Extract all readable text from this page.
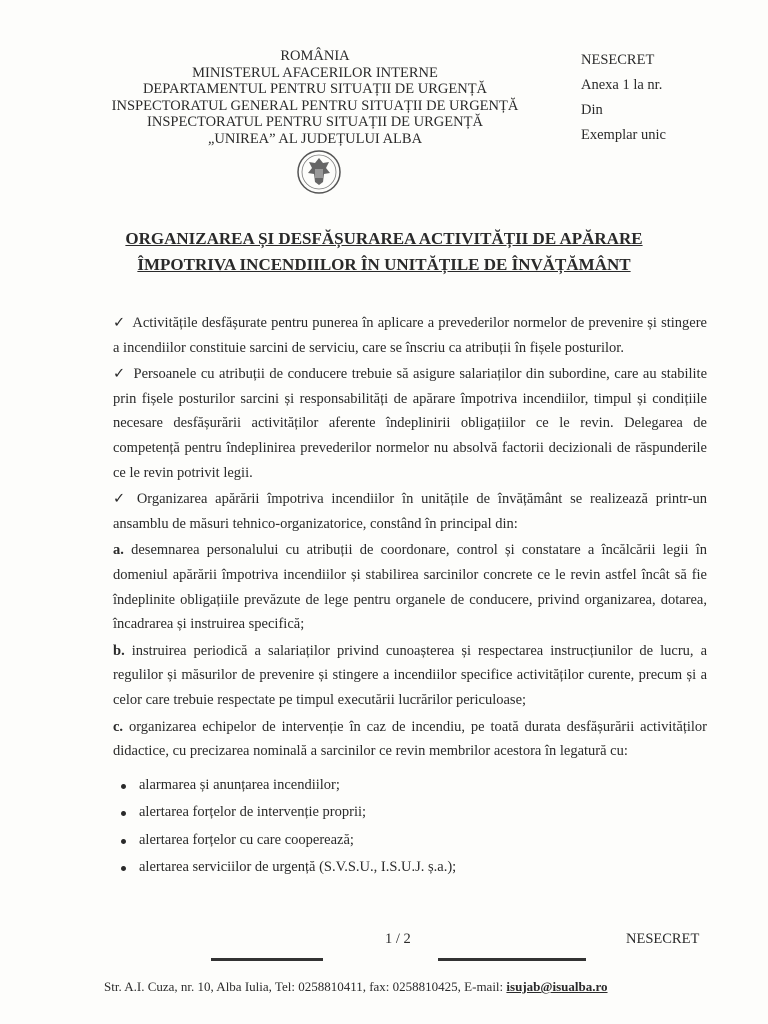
ROMÂNIA
MINISTERUL AFACERILOR INTERNE
DEPARTAMENTUL PENTRU SITUAȚII DE URGENȚĂ
INSPECTORATUL GENERAL PENTRU SITUAȚII DE URGENȚĂ
INSPECTORATUL PENTRU SITUAȚII DE URGENȚĂ
„UNIREA” AL JUDEȚULUI ALBA
NESECRET
Anexa 1 la nr.
Din
Exemplar unic
ORGANIZAREA ȘI DESFĂȘURAREA ACTIVITĂȚII DE APĂRARE
ÎMPOTRIVA INCENDIILOR ÎN UNITĂȚILE DE ÎNVĂȚĂMÂNT

✓ Activitățile desfășurate pentru punerea în aplicare a prevederilor normelor de prevenire și stingere a incendiilor constituie sarcini de serviciu, care se înscriu ca atribuții în fișele posturilor.

✓ Persoanele cu atribuții de conducere trebuie să asigure salariaților din subordine, care au stabilite prin fișele posturilor sarcini și responsabilități de apărare împotriva incendiilor, timpul și condițiile necesare desfășurării activităților aferente îndeplinirii obligațiilor ce le revin. Delegarea de competență pentru îndeplinirea prevederilor normelor nu absolvă factorii decizionali de răspunderile ce le revin potrivit legii.

✓ Organizarea apărării împotriva incendiilor în unitățile de învățământ se realizează printr-un ansamblu de măsuri tehnico-organizatorice, constând în principal din:

a. desemnarea personalului cu atribuții de coordonare, control și constatare a încălcării legii în domeniul apărării împotriva incendiilor și stabilirea sarcinilor concrete ce le revin astfel încât să fie îndeplinite obligațiile prevăzute de lege pentru organele de conducere, privind organizarea, dotarea, încadrarea și instruirea specifică;

b. instruirea periodică a salariaților privind cunoașterea și respectarea instrucțiunilor de lucru, a regulilor și măsurilor de prevenire și stingere a incendiilor specifice activităților curente, precum și a celor care trebuie respectate pe timpul executării lucrărilor periculoase;

c. organizarea echipelor de intervenție în caz de incendiu, pe toată durata desfășurării activităților didactice, cu precizarea nominală a sarcinilor ce revin membrilor acestora în legatură cu:

alarmarea și anunțarea incendiilor;
alertarea forțelor de intervenție proprii;
alertarea forțelor cu care cooperează;
alertarea serviciilor de urgență (S.V.S.U., I.S.U.J. ș.a.);
1 / 2	NESECRET
Str. A.I. Cuza, nr. 10, Alba Iulia, Tel: 0258810411, fax: 0258810425, E-mail: isujab@isualba.ro
